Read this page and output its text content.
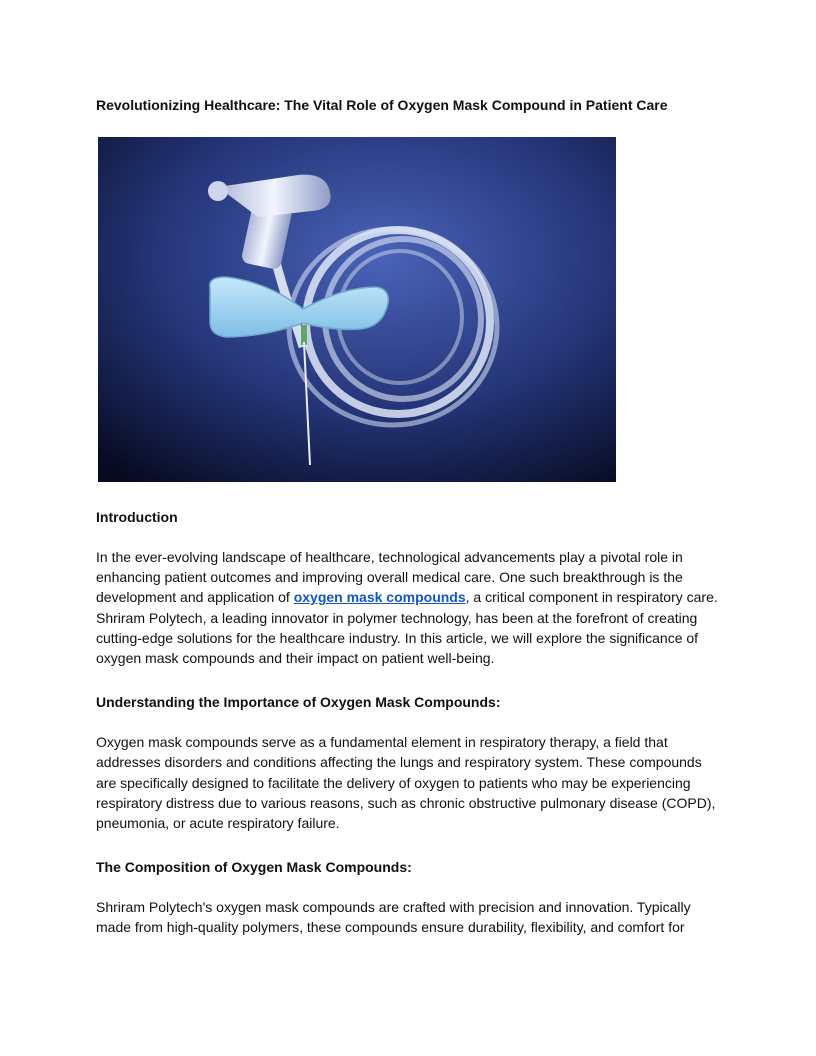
Revolutionizing Healthcare: The Vital Role of Oxygen Mask Compound in Patient Care

Introduction

In the ever-evolving landscape of healthcare, technological advancements play a pivotal role in enhancing patient outcomes and improving overall medical care. One such breakthrough is the development and application of oxygen mask compounds, a critical component in respiratory care. Shriram Polytech, a leading innovator in polymer technology, has been at the forefront of creating cutting-edge solutions for the healthcare industry. In this article, we will explore the significance of oxygen mask compounds and their impact on patient well-being.

Understanding the Importance of Oxygen Mask Compounds:

Oxygen mask compounds serve as a fundamental element in respiratory therapy, a field that addresses disorders and conditions affecting the lungs and respiratory system. These compounds are specifically designed to facilitate the delivery of oxygen to patients who may be experiencing respiratory distress due to various reasons, such as chronic obstructive pulmonary disease (COPD), pneumonia, or acute respiratory failure.

The Composition of Oxygen Mask Compounds:

Shriram Polytech's oxygen mask compounds are crafted with precision and innovation. Typically made from high-quality polymers, these compounds ensure durability, flexibility, and comfort for
